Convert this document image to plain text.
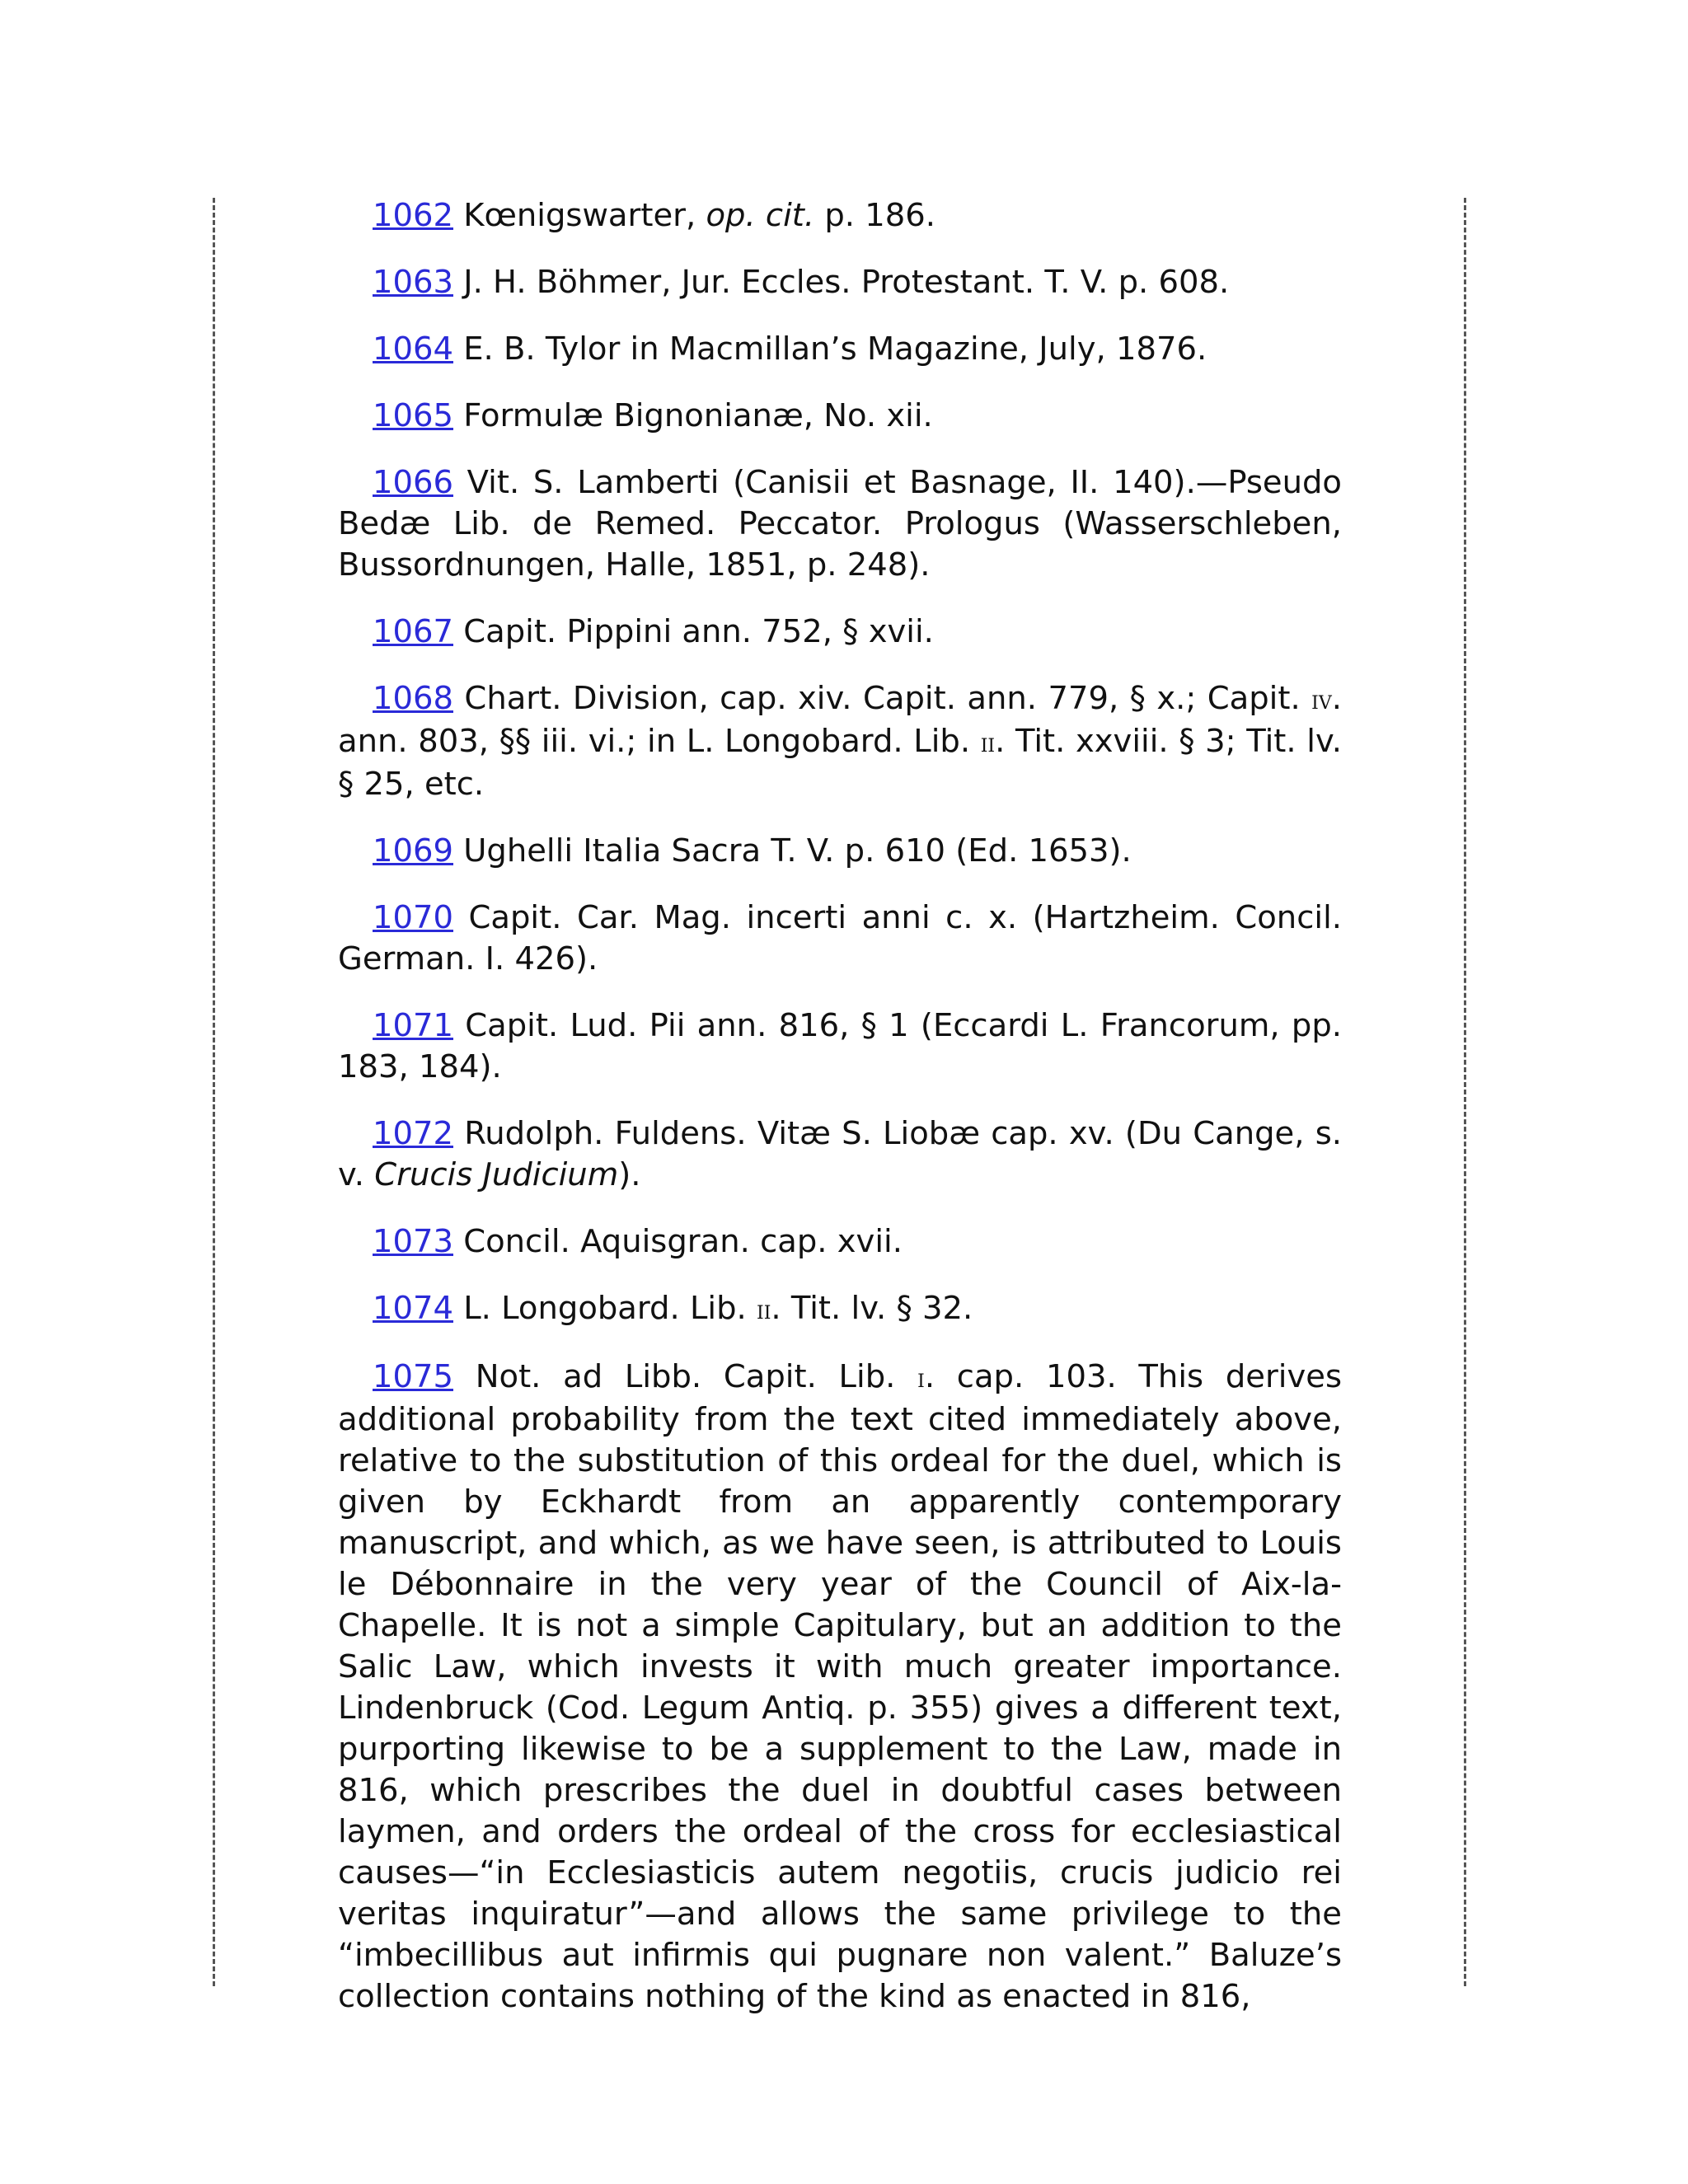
1062 Kœnigswarter, op. cit. p. 186.

1063 J. H. Böhmer, Jur. Eccles. Protestant. T. V. p. 608.

1064 E. B. Tylor in Macmillan’s Magazine, July, 1876.

1065 Formulæ Bignonianæ, No. xii.

1066 Vit. S. Lamberti (Canisii et Basnage, II. 140).—Pseudo Bedæ Lib. de Remed. Peccator. Prologus (Wasserschleben, Bussordnungen, Halle, 1851, p. 248).

1067 Capit. Pippini ann. 752, § xvii.

1068 Chart. Division, cap. xiv. Capit. ann. 779, § x.; Capit. iv. ann. 803, §§ iii. vi.; in L. Longobard. Lib. ii. Tit. xxviii. § 3; Tit. lv. § 25, etc.

1069 Ughelli Italia Sacra T. V. p. 610 (Ed. 1653).

1070 Capit. Car. Mag. incerti anni c. x. (Hartzheim. Concil. German. I. 426).

1071 Capit. Lud. Pii ann. 816, § 1 (Eccardi L. Francorum, pp. 183, 184).

1072 Rudolph. Fuldens. Vitæ S. Liobæ cap. xv. (Du Cange, s. v. Crucis Judicium).

1073 Concil. Aquisgran. cap. xvii.

1074 L. Longobard. Lib. ii. Tit. lv. § 32.

1075 Not. ad Libb. Capit. Lib. i. cap. 103. This derives additional probability from the text cited immediately above, relative to the substitution of this ordeal for the duel, which is given by Eckhardt from an apparently contemporary manuscript, and which, as we have seen, is attributed to Louis le Débonnaire in the very year of the Council of Aix-la-Chapelle. It is not a simple Capitulary, but an addition to the Salic Law, which invests it with much greater importance. Lindenbruck (Cod. Legum Antiq. p. 355) gives a different text, purporting likewise to be a supplement to the Law, made in 816, which prescribes the duel in doubtful cases between laymen, and orders the ordeal of the cross for ecclesiastical causes—“in Ecclesiasticis autem negotiis, crucis judicio rei veritas inquiratur”—and allows the same privilege to the “imbecillibus aut infirmis qui pugnare non valent.” Baluze’s collection contains nothing of the kind as enacted in 816,
